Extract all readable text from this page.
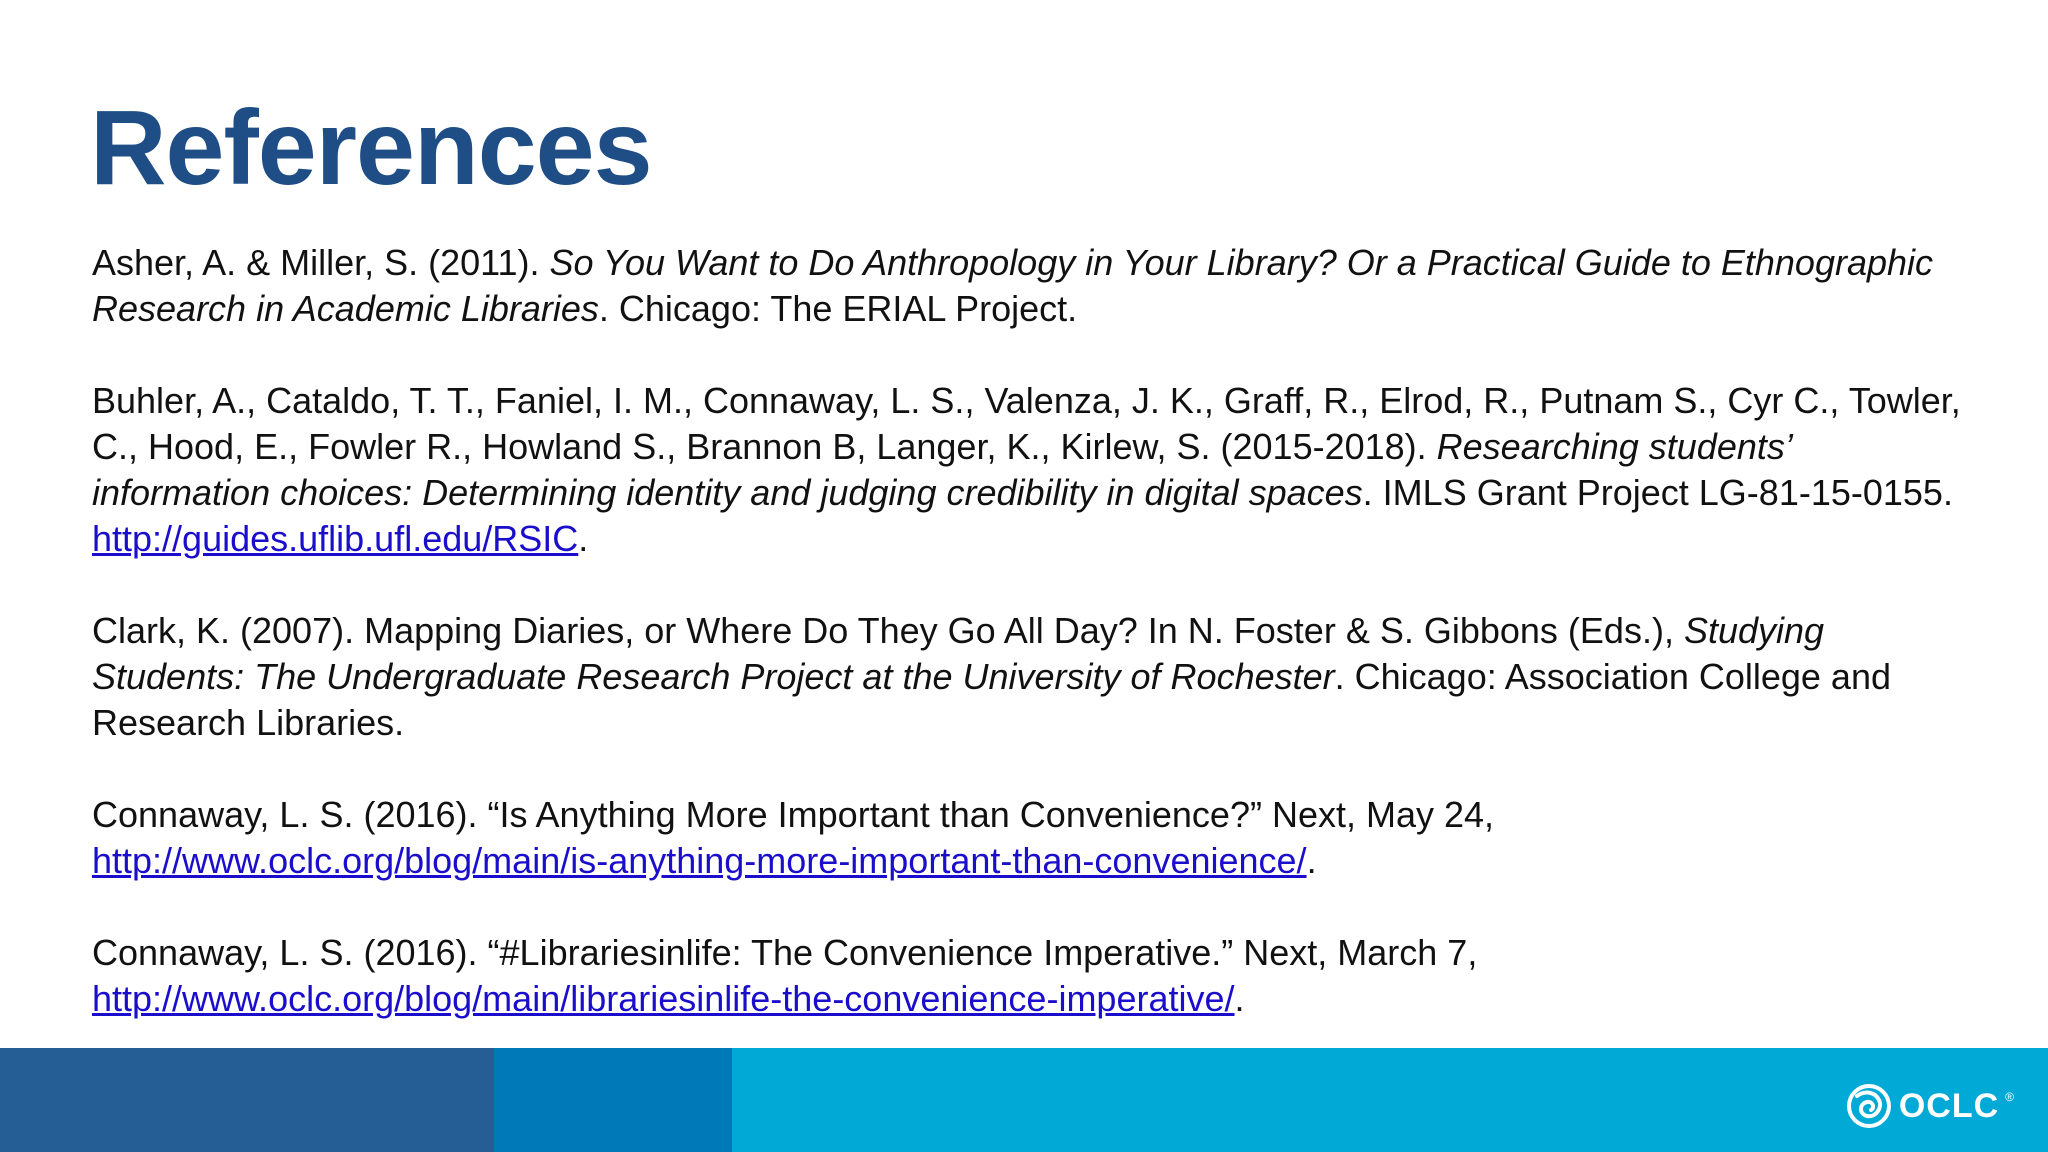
References

Asher, A. & Miller, S. (2011). So You Want to Do Anthropology in Your Library? Or a Practical Guide to Ethnographic Research in Academic Libraries. Chicago: The ERIAL Project.

Buhler, A., Cataldo, T. T., Faniel, I. M., Connaway, L. S., Valenza, J. K., Graff, R., Elrod, R., Putnam S., Cyr C., Towler, C., Hood, E., Fowler R., Howland S., Brannon B, Langer, K., Kirlew, S. (2015-2018). Researching students’ information choices: Determining identity and judging credibility in digital spaces. IMLS Grant Project LG-81-15-0155. http://guides.uflib.ufl.edu/RSIC.

Clark, K. (2007). Mapping Diaries, or Where Do They Go All Day? In N. Foster & S. Gibbons (Eds.), Studying Students: The Undergraduate Research Project at the University of Rochester. Chicago: Association College and Research Libraries.

Connaway, L. S. (2016). “Is Anything More Important than Convenience?” Next, May 24, http://www.oclc.org/blog/main/is-anything-more-important-than-convenience/.

Connaway, L. S. (2016). “#Librariesinlife: The Convenience Imperative.” Next, March 7, http://www.oclc.org/blog/main/librariesinlife-the-convenience-imperative/.

OCLC ®
